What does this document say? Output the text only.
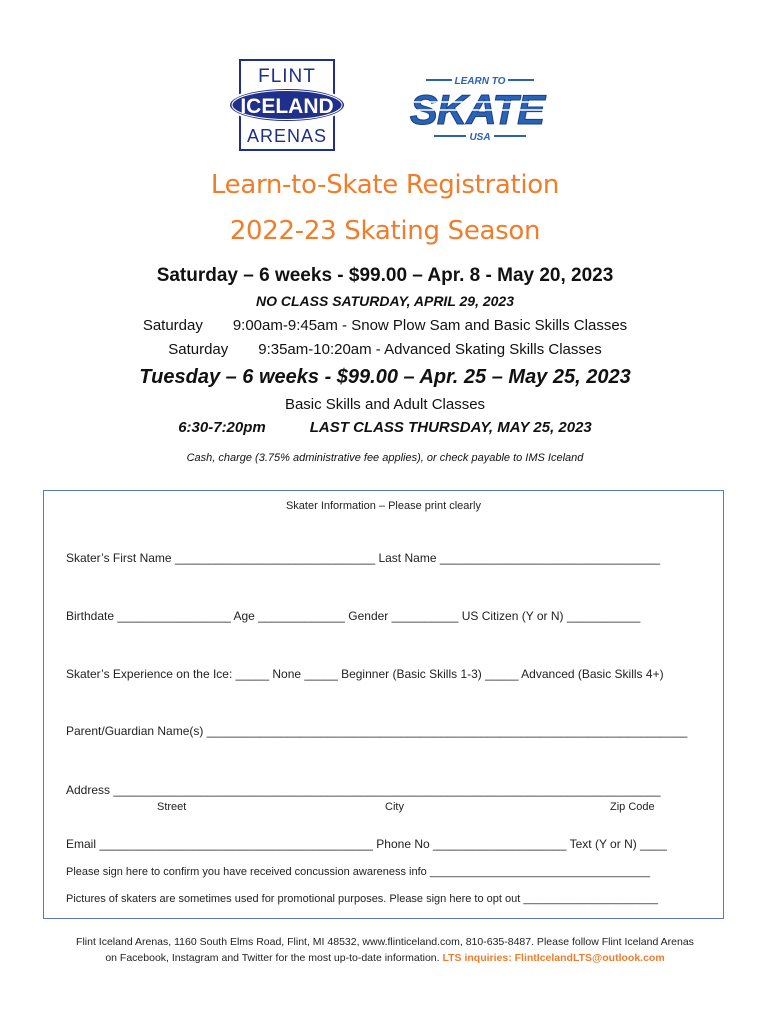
FLINT
ICELAND
ARENAS
LEARN TO
SKATE
USA
Learn-to-Skate Registration
2022-23 Skating Season
Saturday – 6 weeks - $99.00 – Apr. 8 - May 20, 2023
NO CLASS SATURDAY, APRIL 29, 2023
Saturday 9:00am-9:45am - Snow Plow Sam and Basic Skills Classes
Saturday 9:35am-10:20am - Advanced Skating Skills Classes
Tuesday – 6 weeks - $99.00 – Apr. 25 – May 25, 2023
Basic Skills and Adult Classes
6:30-7:20pm	LAST CLASS THURSDAY, MAY 25, 2023
Cash, charge (3.75% administrative fee applies), or check payable to IMS Iceland
Skater Information – Please print clearly
Skater’s First Name ______________________________ Last Name _________________________________
Birthdate _________________ Age _____________ Gender __________ US Citizen (Y or N) ___________
Skater’s Experience on the Ice: _____ None _____ Beginner (Basic Skills 1-3) _____ Advanced (Basic Skills 4+)
Parent/Guardian Name(s) ________________________________________________________________________
Address __________________________________________________________________________________
Street	City	Zip Code
Email _________________________________________ Phone No ____________________ Text (Y or N) ____
Please sign here to confirm you have received concussion awareness info ____________________________________
Pictures of skaters are sometimes used for promotional purposes. Please sign here to opt out ______________________
Flint Iceland Arenas, 1160 South Elms Road, Flint, MI 48532, www.flinticeland.com, 810-635-8487. Please follow Flint Iceland Arenas
on Facebook, Instagram and Twitter for the most up-to-date information. LTS inquiries: FlintIcelandLTS@outlook.com
